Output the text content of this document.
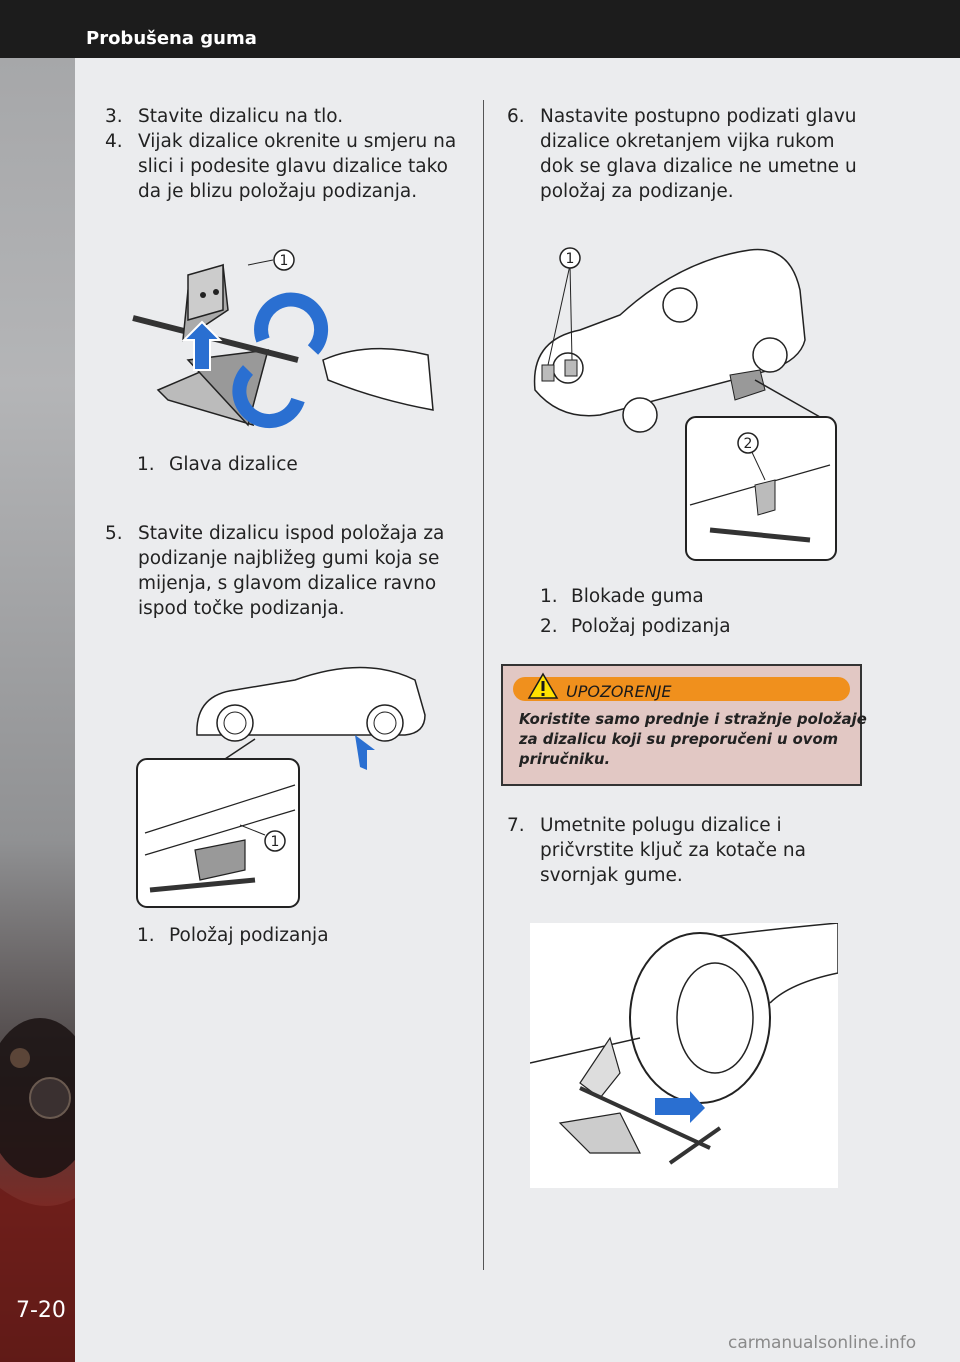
Probušena guma
7-20
3. Stavite dizalicu na tlo.
4. Vijak dizalice okrenite u smjeru na
slici i podesite glavu dizalice tako
da je blizu položaju podizanja.
1
1. Glava dizalice
5. Stavite dizalicu ispod položaja za
podizanje najbližeg gumi koja se
mijenja, s glavom dizalice ravno
ispod točke podizanja.
1
1. Položaj podizanja
6. Nastavite postupno podizati glavu
dizalice okretanjem vijka rukom
dok se glava dizalice ne umetne u
položaj za podizanje.
1
2
1. Blokade guma
2. Položaj podizanja
UPOZORENJE
Koristite samo prednje i stražnje položaje
za dizalicu koji su preporučeni u ovom
priručniku.
7. Umetnite polugu dizalice i
pričvrstite ključ za kotače na
svornjak gume.
carmanualsonline.info
